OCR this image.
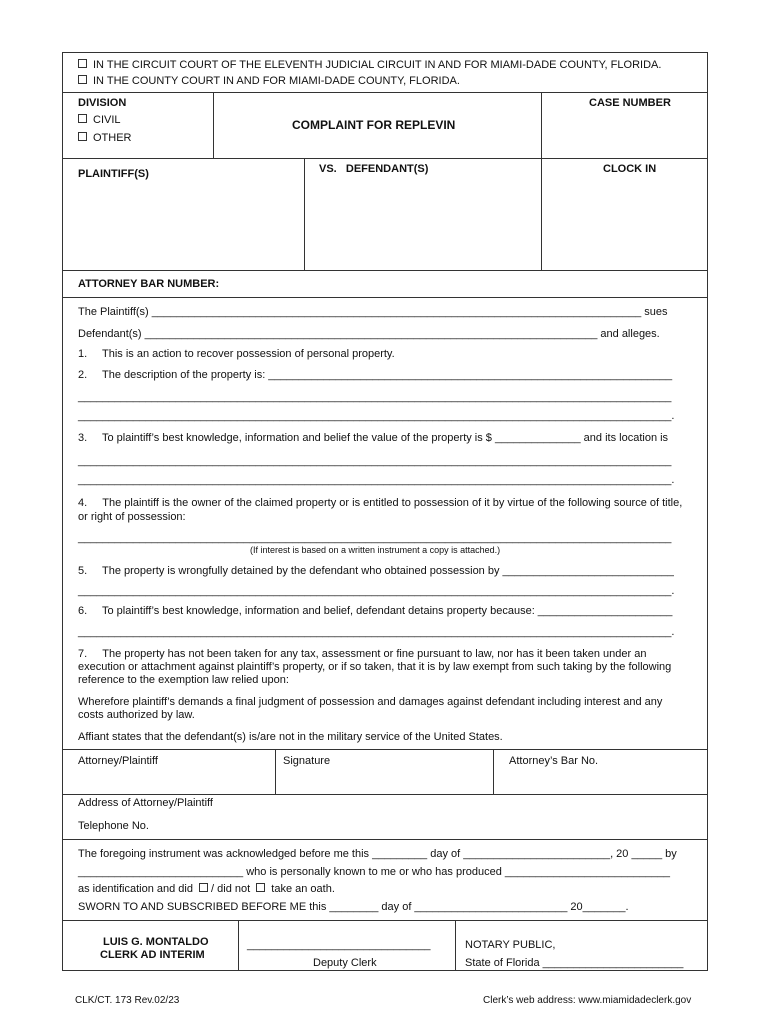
IN THE CIRCUIT COURT OF THE ELEVENTH JUDICIAL CIRCUIT IN AND FOR MIAMI-DADE COUNTY, FLORIDA.
IN THE COUNTY COURT IN AND FOR MIAMI-DADE COUNTY, FLORIDA.
DIVISION
CIVIL
OTHER
COMPLAINT FOR REPLEVIN
CASE NUMBER
PLAINTIFF(S)	VS.   DEFENDANT(S)	CLOCK IN
ATTORNEY BAR NUMBER:
The Plaintiff(s) ________________________________________________________________________________ sues
Defendant(s) __________________________________________________________________________ and alleges.
1. This is an action to recover possession of personal property.
2. The description of the property is: __________________________________________________________________
_________________________________________________________________________________________________
_________________________________________________________________________________________________.
3. To plaintiff’s best knowledge, information and belief the value of the property is $ ______________ and its location is
_________________________________________________________________________________________________
_________________________________________________________________________________________________.
4.     The plaintiff is the owner of the claimed property or is entitled to possession of it by virtue of the following source of title,
or right of possession:
_________________________________________________________________________________________________
(If interest is based on a written instrument a copy is attached.)
5. The property is wrongfully detained by the defendant who obtained possession by ____________________________
_________________________________________________________________________________________________.
6. To plaintiff’s best knowledge, information and belief, defendant detains property because: ______________________
_________________________________________________________________________________________________.
7.     The property has not been taken for any tax, assessment or fine pursuant to law, nor has it been taken under an
execution or attachment against plaintiff’s property, or if so taken, that it is by law exempt from such taking by the following
reference to the exemption law relied upon:
Wherefore plaintiff’s demands a final judgment of possession and damages against defendant including interest and any
costs authorized by law.
Affiant states that the defendant(s) is/are not in the military service of the United States.
Attorney/Plaintiff	Signature	Attorney’s Bar No.
Address of Attorney/Plaintiff
Telephone No.
The foregoing instrument was acknowledged before me this _________ day of ________________________, 20 _____ by
___________________________ who is personally known to me or who has produced ___________________________
as identification and did / did not take an oath.
SWORN TO AND SUBSCRIBED BEFORE ME this ________ day of _________________________ 20_______.
LUIS G. MONTALDO
CLERK AD INTERIM
______________________________
Deputy Clerk
NOTARY PUBLIC,
State of Florida _______________________
CLK/CT. 173 Rev.02/23	Clerk’s web address: www.miamidadeclerk.gov
